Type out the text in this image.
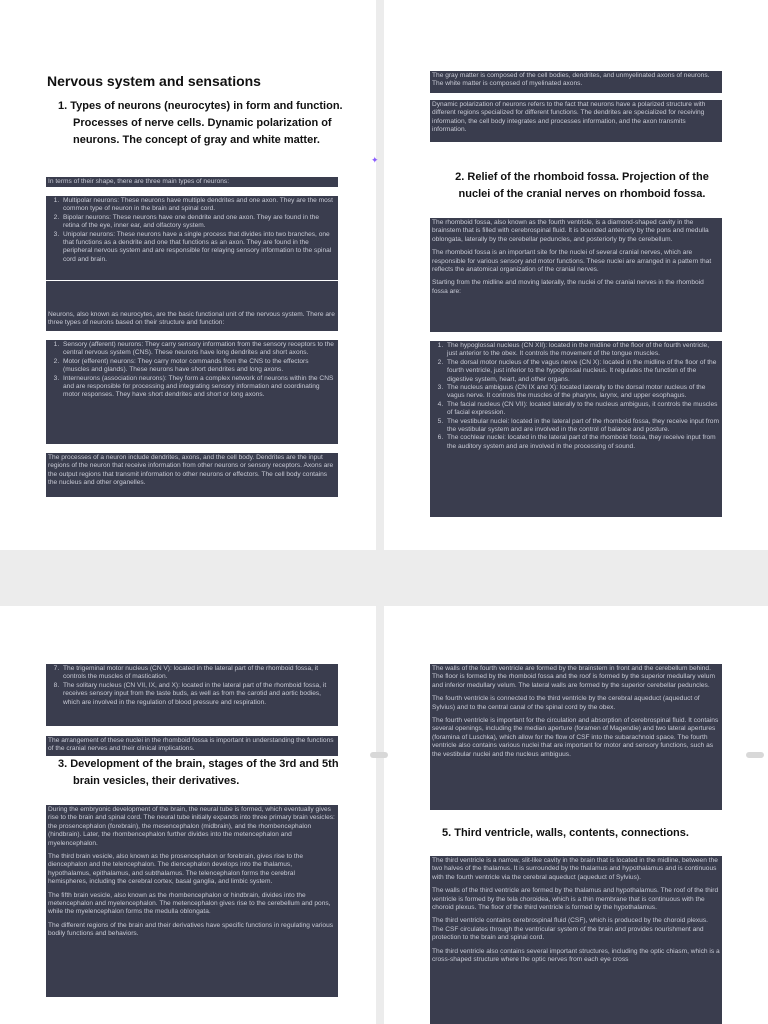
Nervous system and sensations
1. Types of neurons (neurocytes) in form and function. Processes of nerve cells. Dynamic polarization of neurons. The concept of gray and white matter.

In terms of their shape, there are three main types of neurons:

1. Multipolar neurons: These neurons have multiple dendrites and one axon. They are the most common type of neuron in the brain and spinal cord.
2. Bipolar neurons: These neurons have one dendrite and one axon. They are found in the retina of the eye, inner ear, and olfactory system.
3. Unipolar neurons: These neurons have a single process that divides into two branches, one that functions as a dendrite and one that functions as an axon. They are found in the peripheral nervous system and are responsible for relaying sensory information to the spinal cord and brain.
Neurons, also known as neurocytes, are the basic functional unit of the nervous system. There are three types of neurons based on their structure and function:
1. Sensory (afferent) neurons: They carry sensory information from the sensory receptors to the central nervous system (CNS). These neurons have long dendrites and short axons.
2. Motor (efferent) neurons: They carry motor commands from the CNS to the effectors (muscles and glands). These neurons have short dendrites and long axons.
3. Interneurons (association neurons): They form a complex network of neurons within the CNS and are responsible for processing and integrating sensory information and coordinating motor responses. They have short dendrites and short or long axons.
The processes of a neuron include dendrites, axons, and the cell body. Dendrites are the input regions of the neuron that receive information from other neurons or sensory receptors. Axons are the output regions that transmit information to other neurons or effectors. The cell body contains the nucleus and other organelles.
The gray matter is composed of the cell bodies, dendrites, and unmyelinated axons of neurons. The white matter is composed of myelinated axons.
Dynamic polarization of neurons refers to the fact that neurons have a polarized structure with different regions specialized for different functions. The dendrites are specialized for receiving information, the cell body integrates and processes information, and the axon transmits information.
2. Relief of the rhomboid fossa. Projection of the nuclei of the cranial nerves on rhomboid fossa.

The rhomboid fossa, also known as the fourth ventricle, is a diamond-shaped cavity in the brainstem that is filled with cerebrospinal fluid. It is bounded anteriorly by the pons and medulla oblongata, laterally by the cerebellar peduncles, and posteriorly by the cerebellum.

The rhomboid fossa is an important site for the nuclei of several cranial nerves, which are responsible for various sensory and motor functions. These nuclei are arranged in a pattern that reflects the anatomical organization of the cranial nerves.

Starting from the midline and moving laterally, the nuclei of the cranial nerves in the rhomboid fossa are:

1. The hypoglossal nucleus (CN XII): located in the midline of the floor of the fourth ventricle, just anterior to the obex. It controls the movement of the tongue muscles.
2. The dorsal motor nucleus of the vagus nerve (CN X): located in the midline of the floor of the fourth ventricle, just inferior to the hypoglossal nucleus. It regulates the function of the digestive system, heart, and other organs.
3. The nucleus ambiguus (CN IX and X): located laterally to the dorsal motor nucleus of the vagus nerve. It controls the muscles of the pharynx, larynx, and upper esophagus.
4. The facial nucleus (CN VII): located laterally to the nucleus ambiguus, it controls the muscles of facial expression.
5. The vestibular nuclei: located in the lateral part of the rhomboid fossa, they receive input from the vestibular system and are involved in the control of balance and posture.
6. The cochlear nuclei: located in the lateral part of the rhomboid fossa, they receive input from the auditory system and are involved in the processing of sound.
7. The trigeminal motor nucleus (CN V): located in the lateral part of the rhomboid fossa, it controls the muscles of mastication.
8. The solitary nucleus (CN VII, IX, and X): located in the lateral part of the rhomboid fossa, it receives sensory input from the taste buds, as well as from the carotid and aortic bodies, which are involved in the regulation of blood pressure and respiration.
The arrangement of these nuclei in the rhomboid fossa is important in understanding the functions of the cranial nerves and their clinical implications.
3. Development of the brain, stages of the 3rd and 5th brain vesicles, their derivatives.

During the embryonic development of the brain, the neural tube is formed, which eventually gives rise to the brain and spinal cord. The neural tube initially expands into three primary brain vesicles: the prosencephalon (forebrain), the mesencephalon (midbrain), and the rhombencephalon (hindbrain). Later, the rhombencephalon further divides into the metencephalon and myelencephalon.

The third brain vesicle, also known as the prosencephalon or forebrain, gives rise to the diencephalon and the telencephalon. The diencephalon develops into the thalamus, hypothalamus, epithalamus, and subthalamus. The telencephalon forms the cerebral hemispheres, including the cerebral cortex, basal ganglia, and limbic system.

The fifth brain vesicle, also known as the rhombencephalon or hindbrain, divides into the metencephalon and myelencephalon. The metencephalon gives rise to the cerebellum and pons, while the myelencephalon forms the medulla oblongata.

The different regions of the brain and their derivatives have specific functions in regulating various bodily functions and behaviors.

The walls of the fourth ventricle are formed by the brainstem in front and the cerebellum behind. The floor is formed by the rhomboid fossa and the roof is formed by the superior medullary velum and inferior medullary velum. The lateral walls are formed by the superior cerebellar peduncles.

The fourth ventricle is connected to the third ventricle by the cerebral aqueduct (aqueduct of Sylvius) and to the central canal of the spinal cord by the obex.

The fourth ventricle is important for the circulation and absorption of cerebrospinal fluid. It contains several openings, including the median aperture (foramen of Magendie) and two lateral apertures (foramina of Luschka), which allow for the flow of CSF into the subarachnoid space. The fourth ventricle also contains various nuclei that are important for motor and sensory functions, such as the vestibular nuclei and the nucleus ambiguus.

5. Third ventricle, walls, contents, connections.

The third ventricle is a narrow, slit-like cavity in the brain that is located in the midline, between the two halves of the thalamus. It is surrounded by the thalamus and hypothalamus and is continuous with the fourth ventricle via the cerebral aqueduct (aqueduct of Sylvius).

The walls of the third ventricle are formed by the thalamus and hypothalamus. The roof of the third ventricle is formed by the tela choroidea, which is a thin membrane that is continuous with the choroid plexus. The floor of the third ventricle is formed by the hypothalamus.

The third ventricle contains cerebrospinal fluid (CSF), which is produced by the choroid plexus. The CSF circulates through the ventricular system of the brain and provides nourishment and protection to the brain and spinal cord.

The third ventricle also contains several important structures, including the optic chiasm, which is a cross-shaped structure where the optic nerves from each eye cross

✦
